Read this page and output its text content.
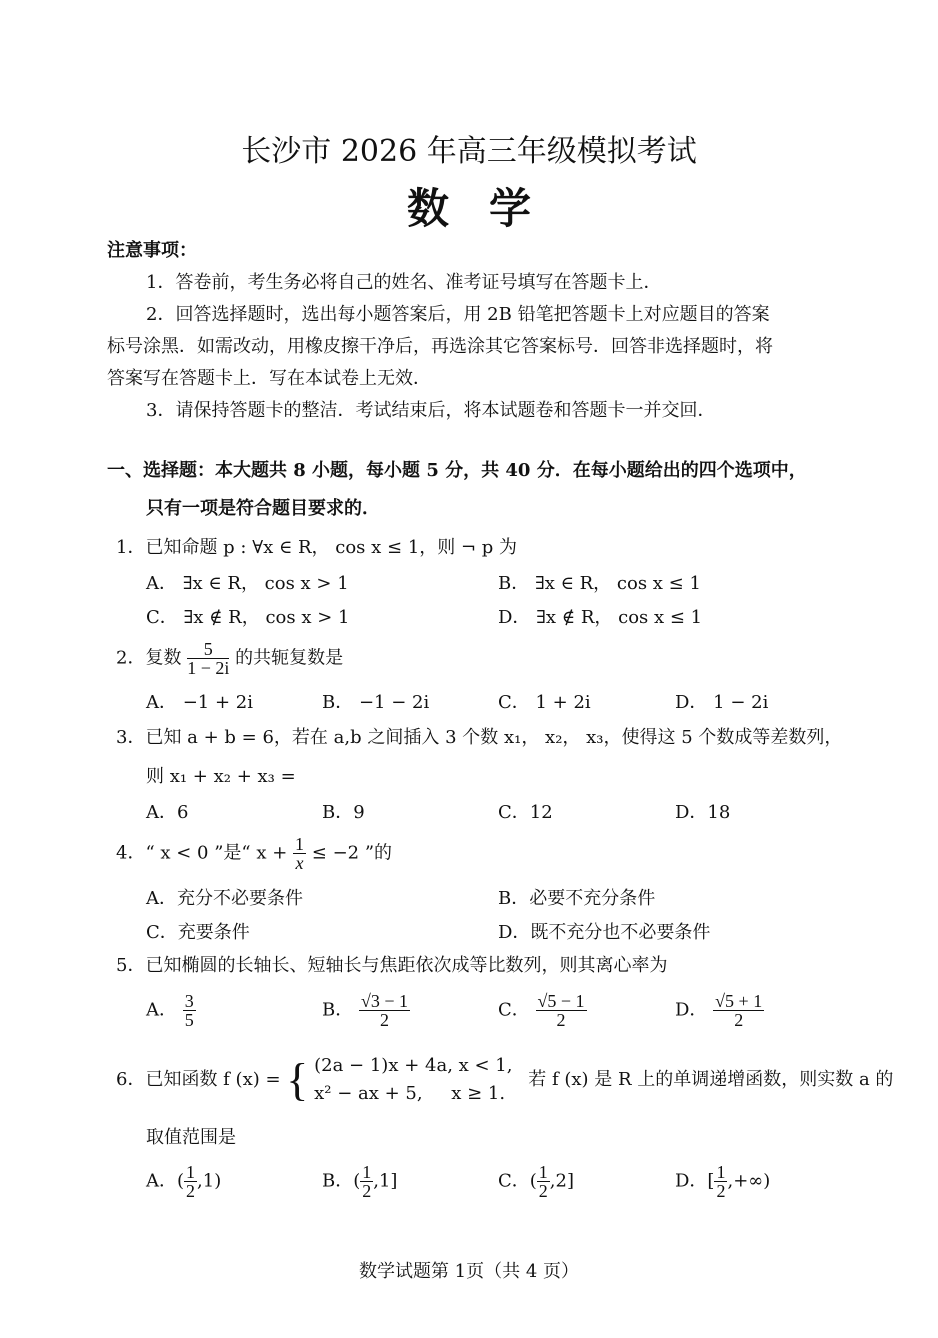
长沙市 2026 年高三年级模拟考试
数学
注意事项：
1．答卷前，考生务必将自己的姓名、准考证号填写在答题卡上．
2．回答选择题时，选出每小题答案后，用 2B 铅笔把答题卡上对应题目的答案
标号涂黑．如需改动，用橡皮擦干净后，再选涂其它答案标号．回答非选择题时，将
答案写在答题卡上．写在本试卷上无效．
3．请保持答题卡的整洁．考试结束后，将本试题卷和答题卡一并交回．
一、选择题：本大题共 8 小题，每小题 5 分，共 40 分．在每小题给出的四个选项中，
只有一项是符合题目要求的．
1．已知命题 p : ∀x ∈ R， cos x ≤ 1，则 ¬ p 为
A． ∃x ∈ R， cos x > 1	B． ∃x ∈ R， cos x ≤ 1
C． ∃x ∉ R， cos x > 1	D． ∃x ∉ R， cos x ≤ 1
2．复数 $\frac{5}{1 - 2i}$ 的共轭复数是
A． −1 + 2i	B． −1 − 2i	C． 1 + 2i	D． 1 − 2i
3．已知 a + b = 6，若在 a,b 之间插入 3 个数 x₁， x₂， x₃，使得这 5 个数成等差数列，
则 x₁ + x₂ + x₃ =
A．6	B．9	C．12	D．18
4．“ x < 0 ”是“ $x + \frac{1}{x} \le -2$ ”的
A．充分不必要条件	B．必要不充分条件
C．充要条件	D．既不充分也不必要条件
5．已知椭圆的长轴长、短轴长与焦距依次成等比数列，则其离心率为
A． $\frac{3}{5}$	B． $\frac{√3 - 1}{2}$	C． $\frac{√5 - 1}{2}$	D． $\frac{√5 + 1}{2}$
6．已知函数 f (x) = { (2a − 1)x + 4a, x < 1,
x² − ax + 5,     x ≥ 1.
若 f (x) 是 R 上的单调递增函数，则实数 a 的
取值范围是
A．( $\frac{1}{2} ,1$)	B．( $\frac{1}{2} ,1$]	C．( $\frac{1}{2} ,2$]	D．[ $\frac{1}{2}$ ,+∞)
数学试题第 1页（共 4 页）
